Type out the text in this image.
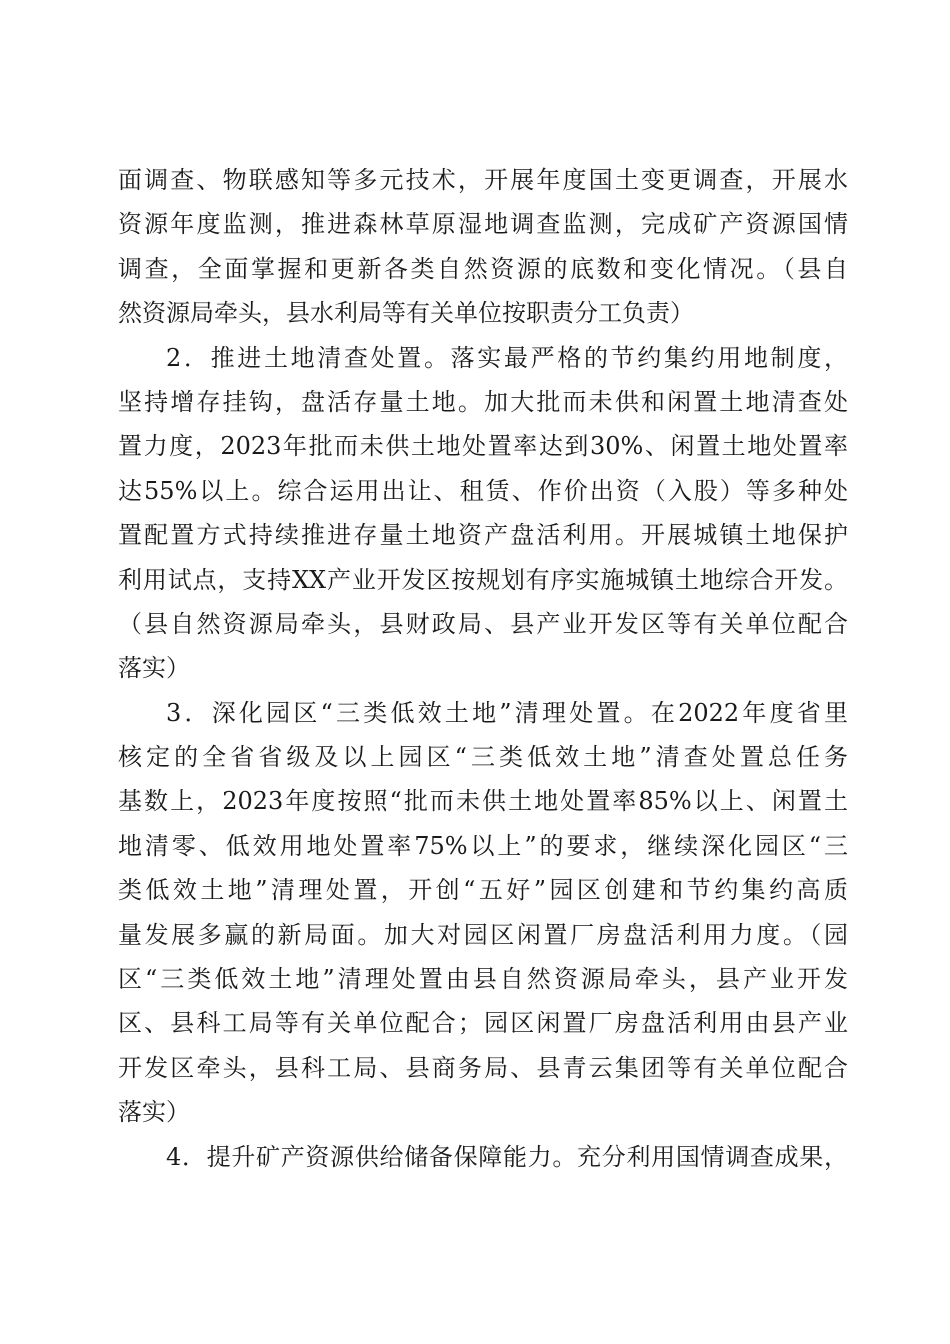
面调查、物联感知等多元技术，开展年度国土变更调查，开展水
资源年度监测，推进森林草原湿地调查监测，完成矿产资源国情
调查，全面掌握和更新各类自然资源的底数和变化情况。（县自
然资源局牵头，县水利局等有关单位按职责分工负责）
2．推进土地清查处置。落实最严格的节约集约用地制度，
坚持增存挂钩，盘活存量土地。加大批而未供和闲置土地清查处
置力度，2023年批而未供土地处置率达到30%、闲置土地处置率
达55%以上。综合运用出让、租赁、作价出资（入股）等多种处
置配置方式持续推进存量土地资产盘活利用。开展城镇土地保护
利用试点，支持XX产业开发区按规划有序实施城镇土地综合开发。
（县自然资源局牵头，县财政局、县产业开发区等有关单位配合
落实）
3．深化园区“三类低效土地”清理处置。在2022年度省里
核定的全省省级及以上园区“三类低效土地”清查处置总任务
基数上，2023年度按照“批而未供土地处置率85%以上、闲置土
地清零、低效用地处置率75%以上”的要求，继续深化园区“三
类低效土地”清理处置，开创“五好”园区创建和节约集约高质
量发展多赢的新局面。加大对园区闲置厂房盘活利用力度。（园
区“三类低效土地”清理处置由县自然资源局牵头，县产业开发
区、县科工局等有关单位配合；园区闲置厂房盘活利用由县产业
开发区牵头，县科工局、县商务局、县青云集团等有关单位配合
落实）
4．提升矿产资源供给储备保障能力。充分利用国情调查成果，
